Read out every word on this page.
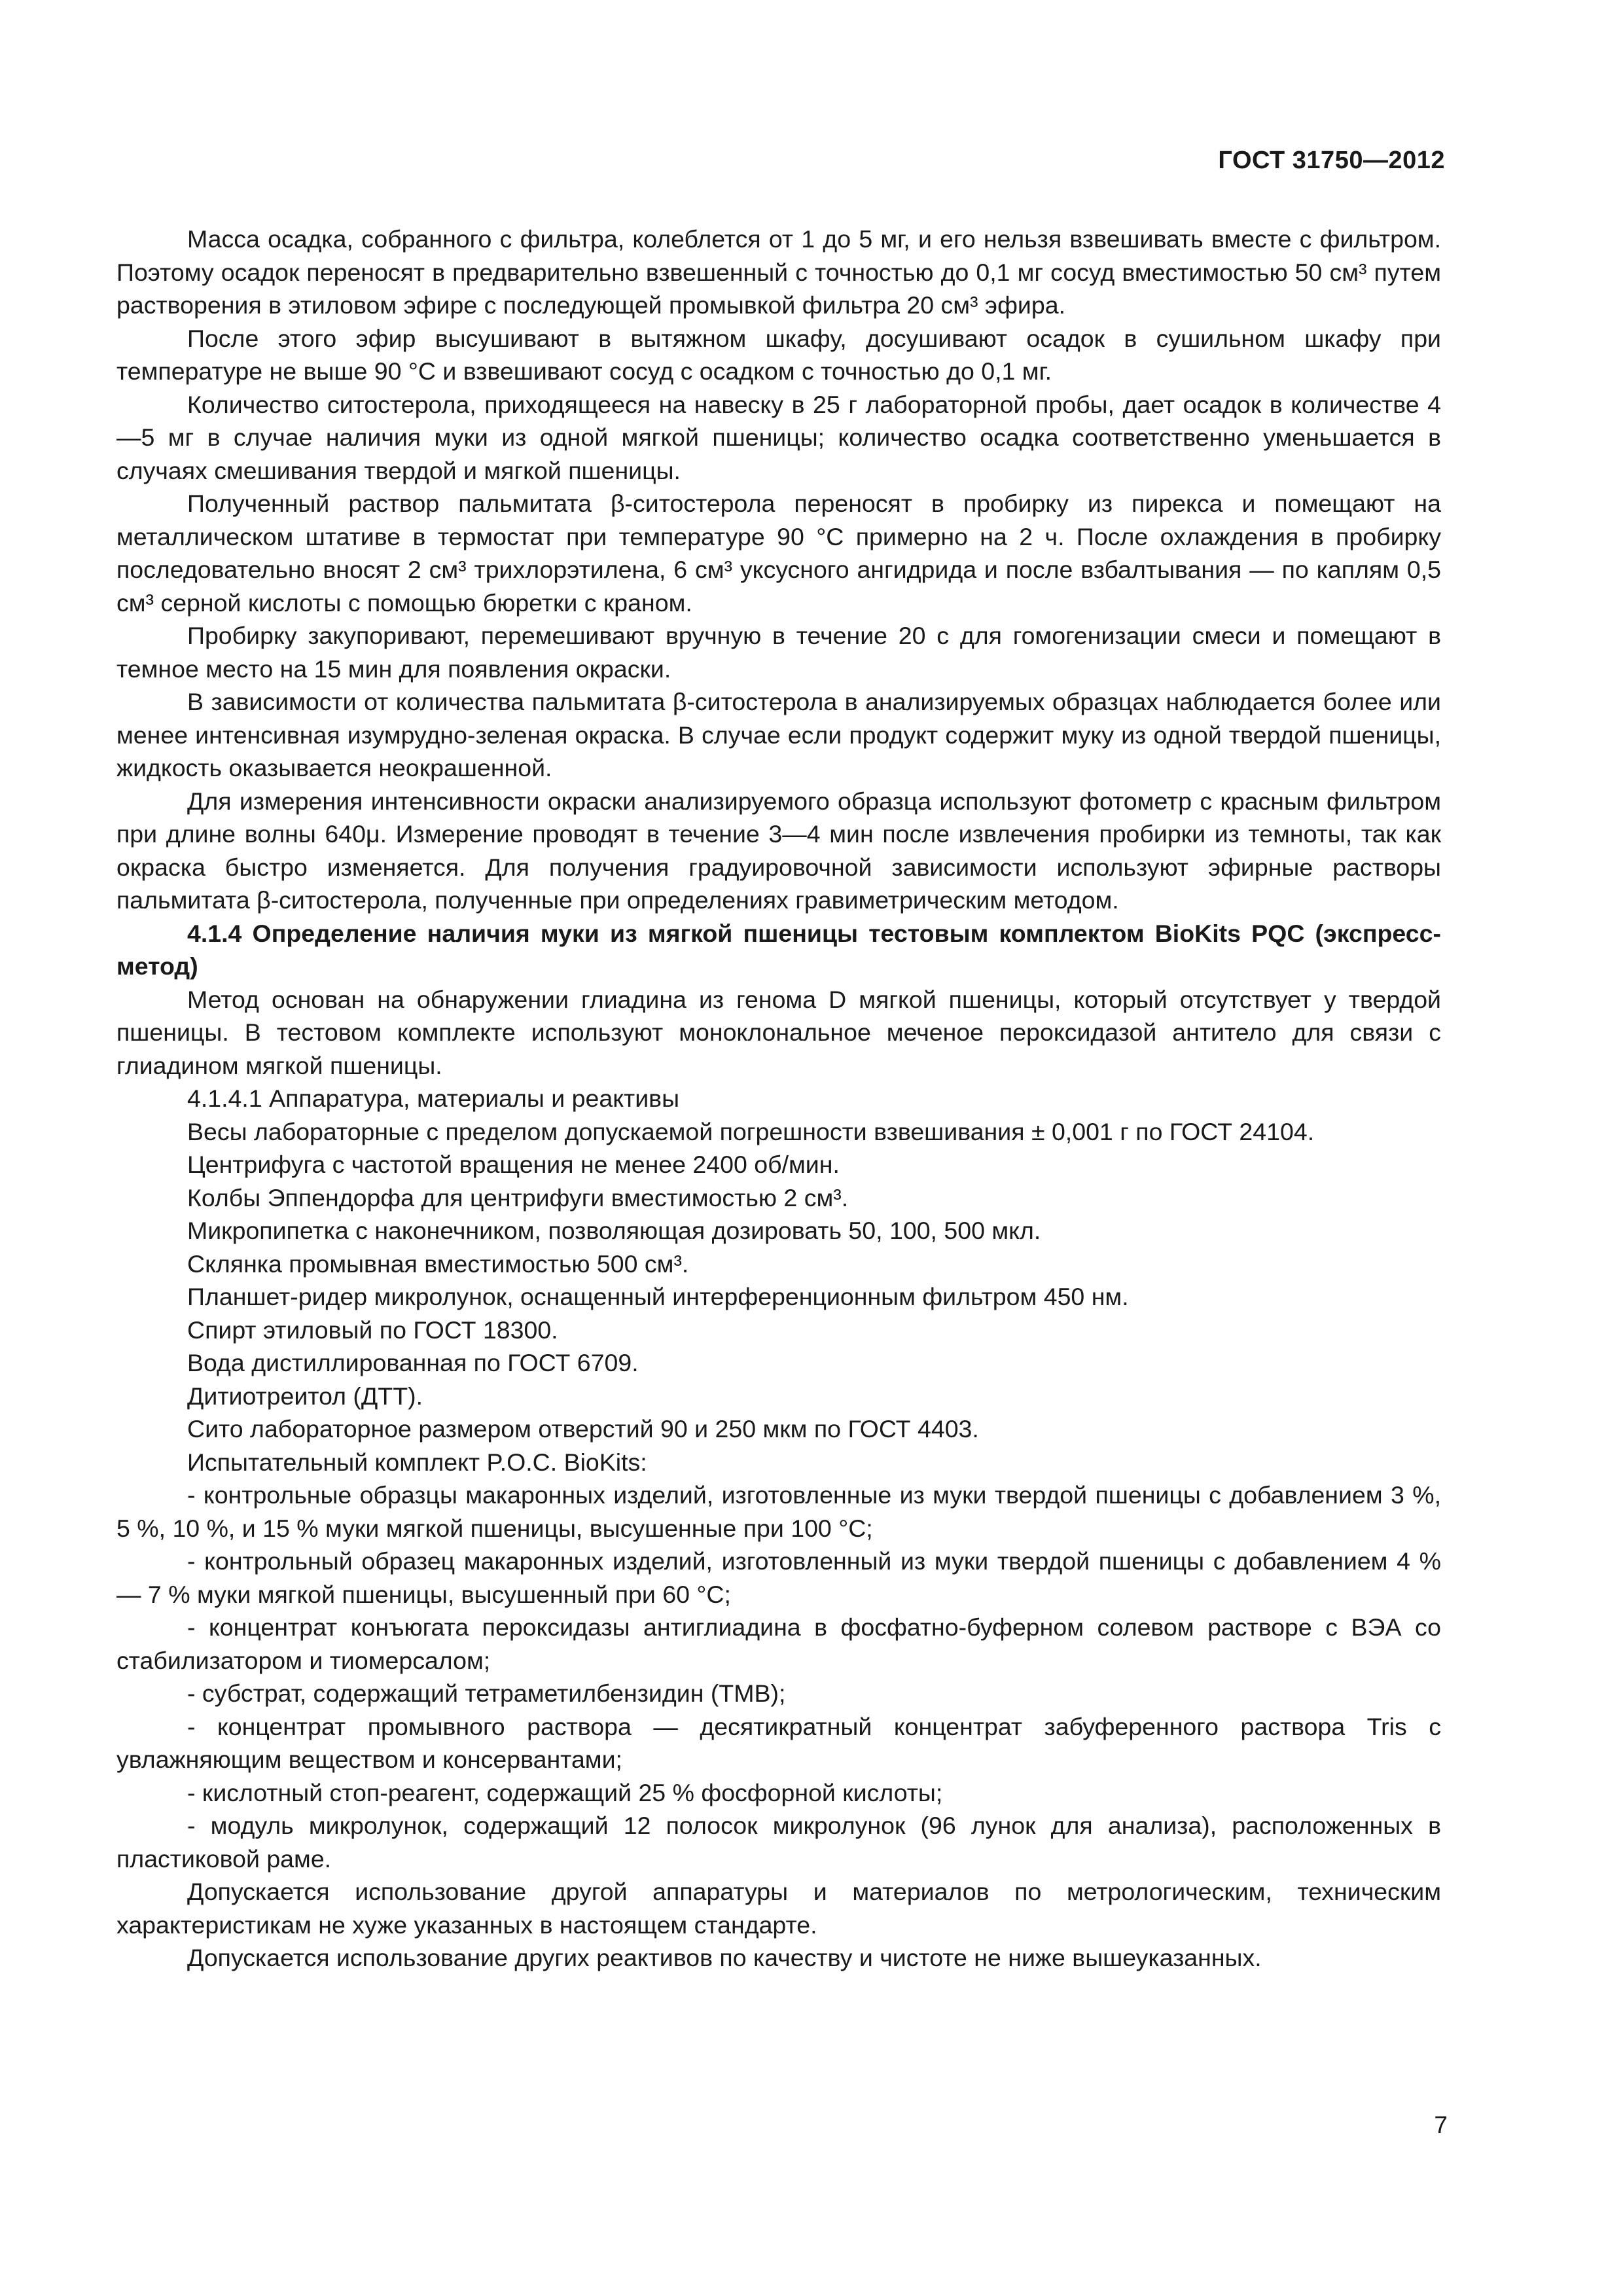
ГОСТ 31750—2012

Масса осадка, собранного с фильтра, колеблется от 1 до 5 мг, и его нельзя взвешивать вместе с фильтром. Поэтому осадок переносят в предварительно взвешенный с точностью до 0,1 мг сосуд вместимостью 50 см³ путем растворения в этиловом эфире с последующей промывкой фильтра 20 см³ эфира.

После этого эфир высушивают в вытяжном шкафу, досушивают осадок в сушильном шкафу при температуре не выше 90 °С и взвешивают сосуд с осадком с точностью до 0,1 мг.

Количество ситостерола, приходящееся на навеску в 25 г лабораторной пробы, дает осадок в количестве 4—5 мг в случае наличия муки из одной мягкой пшеницы; количество осадка соответственно уменьшается в случаях смешивания твердой и мягкой пшеницы.

Полученный раствор пальмитата β-ситостерола переносят в пробирку из пирекса и помещают на металлическом штативе в термостат при температуре 90 °С примерно на 2 ч. После охлаждения в пробирку последовательно вносят 2 см³ трихлорэтилена, 6 см³ уксусного ангидрида и после взбалтывания — по каплям 0,5 см³ серной кислоты с помощью бюретки с краном.

Пробирку закупоривают, перемешивают вручную в течение 20 с для гомогенизации смеси и помещают в темное место на 15 мин для появления окраски.

В зависимости от количества пальмитата β-ситостерола в анализируемых образцах наблюдается более или менее интенсивная изумрудно-зеленая окраска. В случае если продукт содержит муку из одной твердой пшеницы, жидкость оказывается неокрашенной.

Для измерения интенсивности окраски анализируемого образца используют фотометр с красным фильтром при длине волны 640μ. Измерение проводят в течение 3—4 мин после извлечения пробирки из темноты, так как окраска быстро изменяется. Для получения градуировочной зависимости используют эфирные растворы пальмитата β-ситостерола, полученные при определениях гравиметрическим методом.

4.1.4 Определение наличия муки из мягкой пшеницы тестовым комплектом BioKits PQC (экспресс-метод)

Метод основан на обнаружении глиадина из генома D мягкой пшеницы, который отсутствует у твердой пшеницы. В тестовом комплекте используют моноклональное меченое пероксидазой антитело для связи с глиадином мягкой пшеницы.

4.1.4.1 Аппаратура, материалы и реактивы

Весы лабораторные с пределом допускаемой погрешности взвешивания ± 0,001 г по ГОСТ 24104.

Центрифуга с частотой вращения не менее 2400 об/мин.

Колбы Эппендорфа для центрифуги вместимостью 2 см³.

Микропипетка с наконечником, позволяющая дозировать 50, 100, 500 мкл.

Склянка промывная вместимостью 500 см³.

Планшет-ридер микролунок, оснащенный интерференционным фильтром 450 нм.

Спирт этиловый по ГОСТ 18300.

Вода дистиллированная по ГОСТ 6709.

Дитиотреитол (ДТТ).

Сито лабораторное размером отверстий 90 и 250 мкм по ГОСТ 4403.

Испытательный комплект P.O.C. BioKits:

- контрольные образцы макаронных изделий, изготовленные из муки твердой пшеницы с добавлением 3 %, 5 %, 10 %, и 15 % муки мягкой пшеницы, высушенные при 100 °С;

- контрольный образец макаронных изделий, изготовленный из муки твердой пшеницы с добавлением 4 % — 7 % муки мягкой пшеницы, высушенный при 60 °С;

- концентрат конъюгата пероксидазы антиглиадина в фосфатно-буферном солевом растворе с ВЭА со стабилизатором и тиомерсалом;

- субстрат, содержащий тетраметилбензидин (ТМВ);

- концентрат промывного раствора — десятикратный концентрат забуференного раствора Tris с увлажняющим веществом и консервантами;

- кислотный стоп-реагент, содержащий 25 % фосфорной кислоты;

- модуль микролунок, содержащий 12 полосок микролунок (96 лунок для анализа), расположенных в пластиковой раме.

Допускается использование другой аппаратуры и материалов по метрологическим, техническим характеристикам не хуже указанных в настоящем стандарте.

Допускается использование других реактивов по качеству и чистоте не ниже вышеуказанных.

7
